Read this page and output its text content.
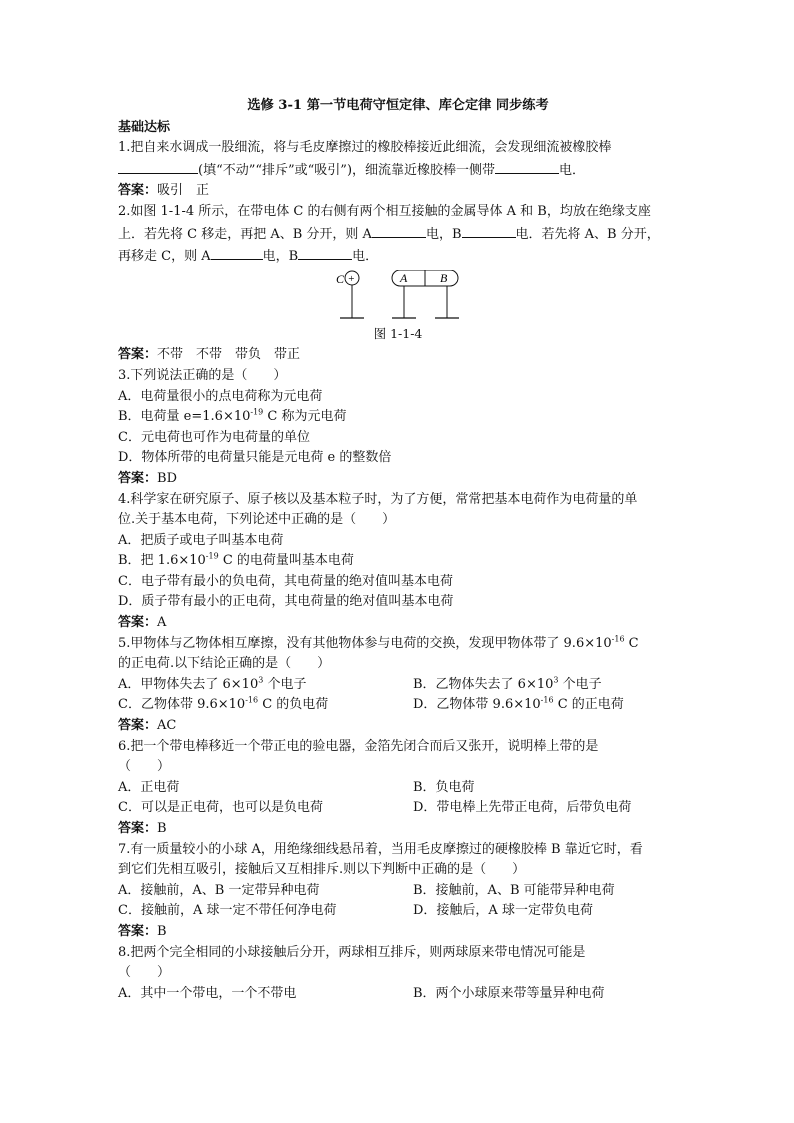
选修 3-1 第一节电荷守恒定律、库仑定律 同步练考
基础达标
1.把自来水调成一股细流，将与毛皮摩擦过的橡胶棒接近此细流，会发现细流被橡胶棒
(填“不动”“排斥”或“吸引”)，细流靠近橡胶棒一侧带	电．
答案：吸引　正
2.如图 1-1-4 所示，在带电体 C 的右侧有两个相互接触的金属导体 A 和 B，均放在绝缘支座
上．若先将 C 移走，再把 A、B 分开，则 A	电，B	电．若先将 A、B 分开，
再移走 C，则 A	电，B	电．
C +	A	B
图 1-1-4
答案：不带　不带　带负　带正
3.下列说法正确的是（　　）
A．电荷量很小的点电荷称为元电荷
B．电荷量 $e=1.6\times 10^{-19}$ C 称为元电荷
C．元电荷也可作为电荷量的单位
D．物体所带的电荷量只能是元电荷 e 的整数倍
答案：BD
4.科学家在研究原子、原子核以及基本粒子时，为了方便，常常把基本电荷作为电荷量的单
位.关于基本电荷，下列论述中正确的是（　　）
A．把质子或电子叫基本电荷
B．把 $1.6\times 10^{-19}$ C 的电荷量叫基本电荷
C．电子带有最小的负电荷，其电荷量的绝对值叫基本电荷
D．质子带有最小的正电荷，其电荷量的绝对值叫基本电荷
答案：A
5.甲物体与乙物体相互摩擦，没有其他物体参与电荷的交换，发现甲物体带了 $9.6\times 10^{-16}$ C
的正电荷.以下结论正确的是（　　）
A．甲物体失去了 $6\times 10^3$ 个电子	B．乙物体失去了 $6\times 10^3$ 个电子
C．乙物体带 $9.6\times 10^{-16}$ C 的负电荷	D．乙物体带 $9.6\times 10^{-16}$ C 的正电荷
答案：AC
6.把一个带电棒移近一个带正电的验电器，金箔先闭合而后又张开，说明棒上带的是
（　　）
A．正电荷	B．负电荷
C．可以是正电荷，也可以是负电荷	D．带电棒上先带正电荷，后带负电荷
答案：B
7.有一质量较小的小球 A，用绝缘细线悬吊着，当用毛皮摩擦过的硬橡胶棒 B 靠近它时，看
到它们先相互吸引，接触后又互相排斥.则以下判断中正确的是（　　）
A．接触前，A、B 一定带异种电荷	B．接触前，A、B 可能带异种电荷
C．接触前，A 球一定不带任何净电荷	D．接触后，A 球一定带负电荷
答案：B
8.把两个完全相同的小球接触后分开，两球相互排斥，则两球原来带电情况可能是
（　　）
A．其中一个带电，一个不带电	B．两个小球原来带等量异种电荷
